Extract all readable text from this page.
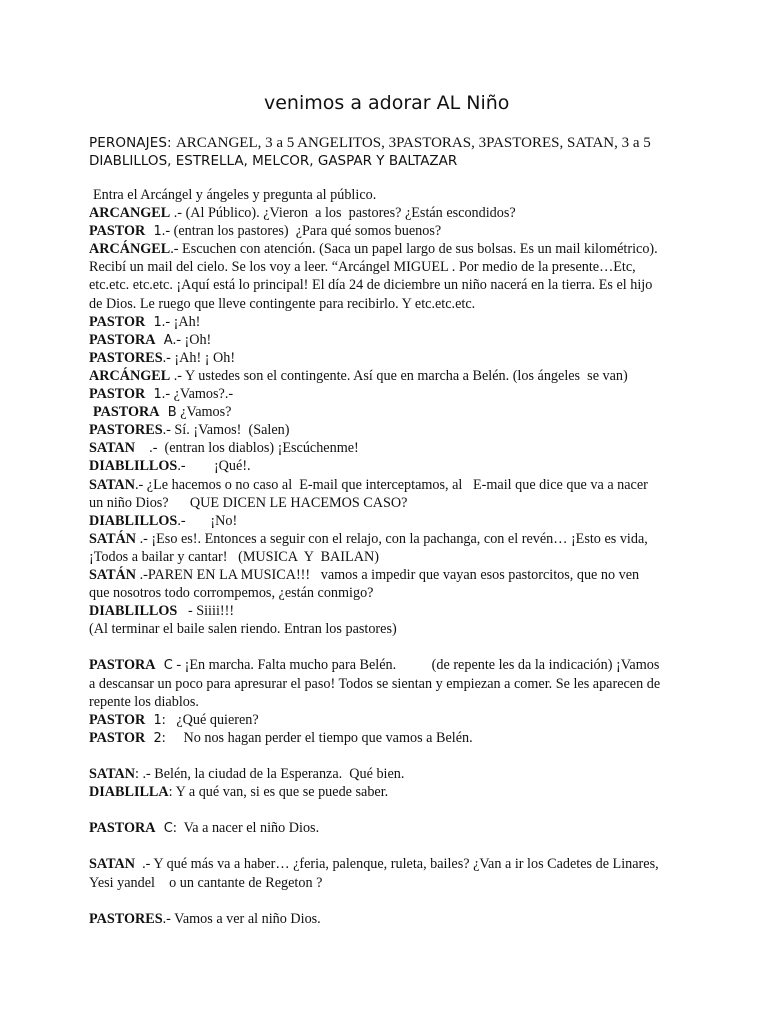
venimos a adorar AL Niño
PERONAJES: ARCANGEL, 3 a 5 ANGELITOS, 3PASTORAS, 3PASTORES, SATAN, 3 a 5
DIABLILLOS, ESTRELLA, MELCOR, GASPAR Y BALTAZAR
Entra el Arcángel y ángeles y pregunta al público.
ARCANGEL .- (Al Público). ¿Vieron  a los  pastores? ¿Están escondidos?
PASTOR  1.- (entran los pastores)  ¿Para qué somos buenos?
ARCÁNGEL.- Escuchen con atención. (Saca un papel largo de sus bolsas. Es un mail kilométrico).
Recibí un mail del cielo. Se los voy a leer. “Arcángel MIGUEL . Por medio de la presente…Etc,
etc.etc. etc.etc. ¡Aquí está lo principal! El día 24 de diciembre un niño nacerá en la tierra. Es el hijo
de Dios. Le ruego que lleve contingente para recibirlo. Y etc.etc.etc.
PASTOR  1.- ¡Ah!
PASTORA  A.- ¡Oh!
PASTORES.- ¡Ah! ¡ Oh!
ARCÁNGEL .- Y ustedes son el contingente. Así que en marcha a Belén. (los ángeles  se van)
PASTOR  1.- ¿Vamos?.-
PASTORA  B ¿Vamos?
PASTORES.- Sí. ¡Vamos!  (Salen)
SATAN    .-  (entran los diablos) ¡Escúchenme!
DIABLILLOS.-        ¡Qué!.
SATAN.- ¿Le hacemos o no caso al  E-mail que interceptamos, al   E-mail que dice que va a nacer
un niño Dios?      QUE DICEN LE HACEMOS CASO?
DIABLILLOS.-       ¡No!
SATÁN .- ¡Eso es!. Entonces a seguir con el relajo, con la pachanga, con el revén… ¡Esto es vida,
¡Todos a bailar y cantar!   (MUSICA  Y  BAILAN)
SATÁN .-PAREN EN LA MUSICA!!!   vamos a impedir que vayan esos pastorcitos, que no ven
que nosotros todo corrompemos, ¿están conmigo?
DIABLILLOS   - Siiii!!!
(Al terminar el baile salen riendo. Entran los pastores)
PASTORA  C - ¡En marcha. Falta mucho para Belén.          (de repente les da la indicación) ¡Vamos
a descansar un poco para apresurar el paso! Todos se sientan y empiezan a comer. Se les aparecen de
repente los diablos.
PASTOR  1:   ¿Qué quieren?
PASTOR  2:     No nos hagan perder el tiempo que vamos a Belén.
SATAN: .- Belén, la ciudad de la Esperanza.  Qué bien.
DIABLILLA: Y a qué van, si es que se puede saber.
PASTORA  C:  Va a nacer el niño Dios.
SATAN  .- Y qué más va a haber… ¿feria, palenque, ruleta, bailes? ¿Van a ir los Cadetes de Linares,
Yesi yandel    o un cantante de Regeton ?
PASTORES.- Vamos a ver al niño Dios.
